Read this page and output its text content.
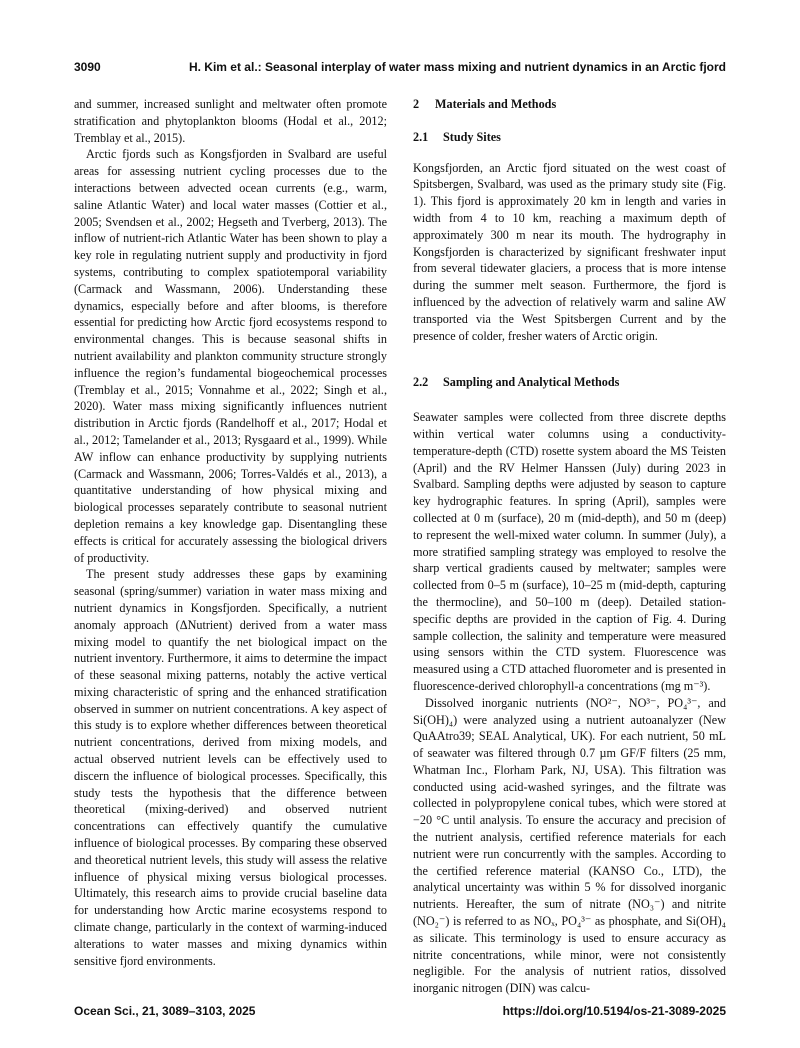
3090	H. Kim et al.: Seasonal interplay of water mass mixing and nutrient dynamics in an Arctic fjord

and summer, increased sunlight and meltwater often promote stratification and phytoplankton blooms (Hodal et al., 2012; Tremblay et al., 2015).

Arctic fjords such as Kongsfjorden in Svalbard are useful areas for assessing nutrient cycling processes due to the interactions between advected ocean currents (e.g., warm, saline Atlantic Water) and local water masses (Cottier et al., 2005; Svendsen et al., 2002; Hegseth and Tverberg, 2013). The inflow of nutrient-rich Atlantic Water has been shown to play a key role in regulating nutrient supply and productivity in fjord systems, contributing to complex spatiotemporal variability (Carmack and Wassmann, 2006). Understanding these dynamics, especially before and after blooms, is therefore essential for predicting how Arctic fjord ecosystems respond to environmental changes. This is because seasonal shifts in nutrient availability and plankton community structure strongly influence the region’s fundamental biogeochemical processes (Tremblay et al., 2015; Vonnahme et al., 2022; Singh et al., 2020). Water mass mixing significantly influences nutrient distribution in Arctic fjords (Randelhoff et al., 2017; Hodal et al., 2012; Tamelander et al., 2013; Rysgaard et al., 1999). While AW inflow can enhance productivity by supplying nutrients (Carmack and Wassmann, 2006; Torres-Valdés et al., 2013), a quantitative understanding of how physical mixing and biological processes separately contribute to seasonal nutrient depletion remains a key knowledge gap. Disentangling these effects is critical for accurately assessing the biological drivers of productivity.

The present study addresses these gaps by examining seasonal (spring/summer) variation in water mass mixing and nutrient dynamics in Kongsfjorden. Specifically, a nutrient anomaly approach (ΔNutrient) derived from a water mass mixing model to quantify the net biological impact on the nutrient inventory. Furthermore, it aims to determine the impact of these seasonal mixing patterns, notably the active vertical mixing characteristic of spring and the enhanced stratification observed in summer on nutrient concentrations. A key aspect of this study is to explore whether differences between theoretical nutrient concentrations, derived from mixing models, and actual observed nutrient levels can be effectively used to discern the influence of biological processes. Specifically, this study tests the hypothesis that the difference between theoretical (mixing-derived) and observed nutrient concentrations can effectively quantify the cumulative influence of biological processes. By comparing these observed and theoretical nutrient levels, this study will assess the relative influence of physical mixing versus biological processes. Ultimately, this research aims to provide crucial baseline data for understanding how Arctic marine ecosystems respond to climate change, particularly in the context of warming-induced alterations to water masses and mixing dynamics within sensitive fjord environments.

2 Materials and Methods
2.1 Study Sites

Kongsfjorden, an Arctic fjord situated on the west coast of Spitsbergen, Svalbard, was used as the primary study site (Fig. 1). This fjord is approximately 20 km in length and varies in width from 4 to 10 km, reaching a maximum depth of approximately 300 m near its mouth. The hydrography in Kongsfjorden is characterized by significant freshwater input from several tidewater glaciers, a process that is more intense during the summer melt season. Furthermore, the fjord is influenced by the advection of relatively warm and saline AW transported via the West Spitsbergen Current and by the presence of colder, fresher waters of Arctic origin.

2.2 Sampling and Analytical Methods

Seawater samples were collected from three discrete depths within vertical water columns using a conductivity-temperature-depth (CTD) rosette system aboard the MS Teisten (April) and the RV Helmer Hanssen (July) during 2023 in Svalbard. Sampling depths were adjusted by season to capture key hydrographic features. In spring (April), samples were collected at 0 m (surface), 20 m (mid-depth), and 50 m (deep) to represent the well-mixed water column. In summer (July), a more stratified sampling strategy was employed to resolve the sharp vertical gradients caused by meltwater; samples were collected from 0–5 m (surface), 10–25 m (mid-depth, capturing the thermocline), and 50–100 m (deep). Detailed station-specific depths are provided in the caption of Fig. 4. During sample collection, the salinity and temperature were measured using sensors within the CTD system. Fluorescence was measured using a CTD attached fluorometer and is presented in fluorescence-derived chlorophyll-a concentrations (mg m⁻³).

Dissolved inorganic nutrients (NO²⁻, NO³⁻, PO₄³⁻, and Si(OH)₄) were analyzed using a nutrient autoanalyzer (New QuAAtro39; SEAL Analytical, UK). For each nutrient, 50 mL of seawater was filtered through 0.7 µm GF/F filters (25 mm, Whatman Inc., Florham Park, NJ, USA). This filtration was conducted using acid-washed syringes, and the filtrate was collected in polypropylene conical tubes, which were stored at −20 °C until analysis. To ensure the accuracy and precision of the nutrient analysis, certified reference materials for each nutrient were run concurrently with the samples. According to the certified reference material (KANSO Co., LTD), the analytical uncertainty was within 5 % for dissolved inorganic nutrients. Hereafter, the sum of nitrate (NO₃⁻) and nitrite (NO₂⁻) is referred to as NOₓ, PO₄³⁻ as phosphate, and Si(OH)₄ as silicate. This terminology is used to ensure accuracy as nitrite concentrations, while minor, were not consistently negligible. For the analysis of nutrient ratios, dissolved inorganic nitrogen (DIN) was calcu-

Ocean Sci., 21, 3089–3103, 2025	https://doi.org/10.5194/os-21-3089-2025
